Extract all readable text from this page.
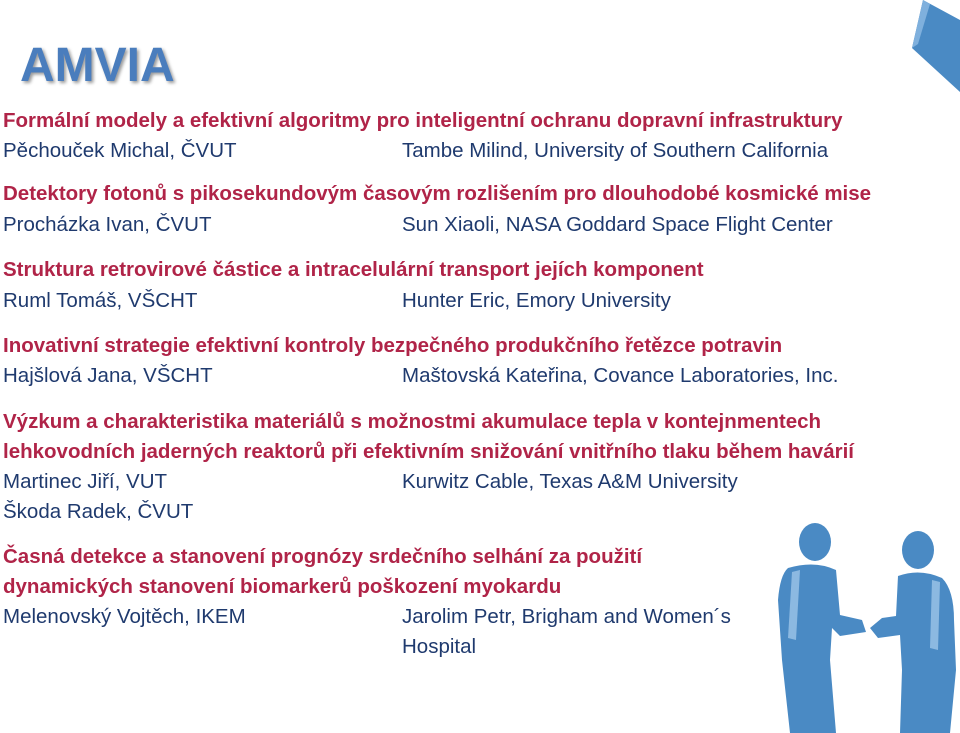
AMVIA
Formální modely a efektivní algoritmy pro inteligentní ochranu dopravní infrastruktury
Pěchouček Michal, ČVUT	Tambe Milind, University of Southern California
Detektory fotonů s pikosekundovým časovým rozlišením pro dlouhodobé kosmické mise
Procházka Ivan, ČVUT	Sun Xiaoli, NASA Goddard Space Flight Center
Struktura retrovirové částice a intracelulární transport jejích komponent
Ruml Tomáš, VŠCHT	Hunter Eric, Emory University
Inovativní strategie efektivní kontroly bezpečného produkčního řetězce potravin
Hajšlová Jana, VŠCHT	Maštovská Kateřina, Covance Laboratories, Inc.
Výzkum a charakteristika materiálů s možnostmi akumulace tepla v kontejnmentech
lehkovodních jaderných reaktorů při efektivním snižování vnitřního tlaku během havárií
Martinec Jiří, VUT	Kurwitz Cable, Texas A&M University
Škoda Radek, ČVUT
Časná detekce a stanovení prognózy srdečního selhání za použití
dynamických stanovení biomarkerů poškození myokardu
Melenovský Vojtěch, IKEM	Jarolim Petr, Brigham and Women´s
Hospital
